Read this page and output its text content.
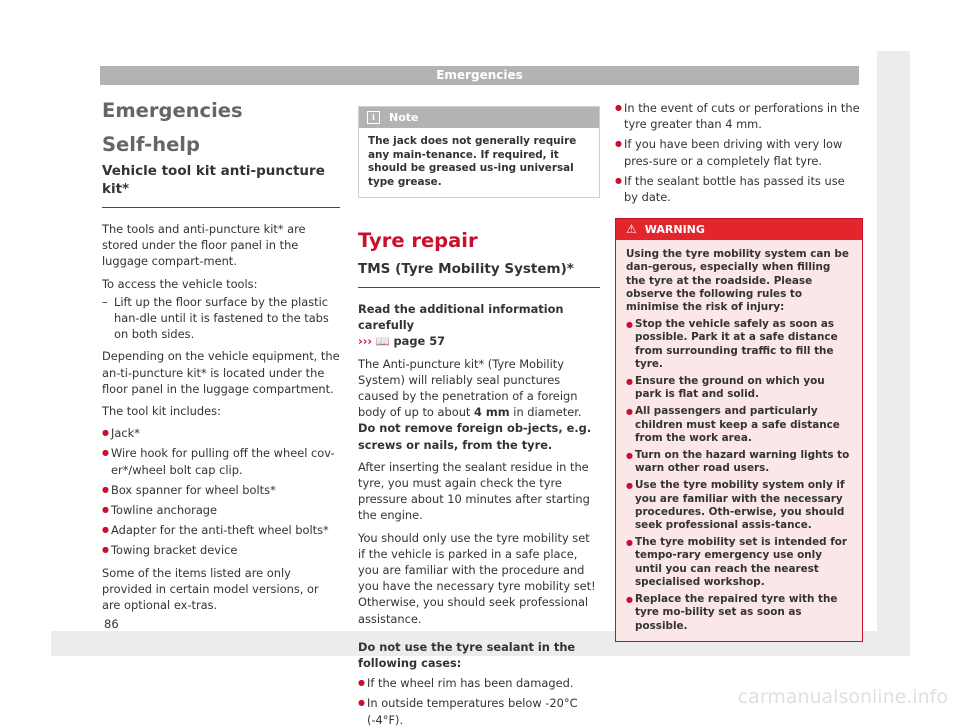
Emergencies
Emergencies
Self-help
Vehicle tool kit anti-puncture kit*

The tools and anti-puncture kit* are stored under the floor panel in the luggage compart-ment.

To access the vehicle tools:

– Lift up the floor surface by the plastic han-dle until it is fastened to the tabs on both sides.

Depending on the vehicle equipment, the an-ti-puncture kit* is located under the floor panel in the luggage compartment.

The tool kit includes:

● Jack*

● Wire hook for pulling off the wheel cov-er*/wheel bolt cap clip.

● Box spanner for wheel bolts*

● Towline anchorage

● Adapter for the anti-theft wheel bolts*

● Towing bracket device

Some of the items listed are only provided in certain model versions, or are optional ex-tras.

i Note
The jack does not generally require any main-tenance. If required, it should be greased us-ing universal type grease.
Tyre repair
TMS (Tyre Mobility System)*

Read the additional information carefully

››› 📖 page 57

The Anti-puncture kit* (Tyre Mobility System) will reliably seal punctures caused by the penetration of a foreign body of up to about 4 mm in diameter. Do not remove foreign ob-jects, e.g. screws or nails, from the tyre.

After inserting the sealant residue in the tyre, you must again check the tyre pressure about 10 minutes after starting the engine.

You should only use the tyre mobility set if the vehicle is parked in a safe place, you are familiar with the procedure and you have the necessary tyre mobility set! Otherwise, you should seek professional assistance.

Do not use the tyre sealant in the following cases:

● If the wheel rim has been damaged.

● In outside temperatures below -20°C (-4°F).

● In the event of cuts or perforations in the tyre greater than 4 mm.

● If you have been driving with very low pres-sure or a completely flat tyre.

● If the sealant bottle has passed its use by date.

⚠ WARNING

Using the tyre mobility system can be dan-gerous, especially when filling the tyre at the roadside. Please observe the following rules to minimise the risk of injury:

● Stop the vehicle safely as soon as possible. Park it at a safe distance from surrounding traffic to fill the tyre.

● Ensure the ground on which you park is flat and solid.

● All passengers and particularly children must keep a safe distance from the work area.

● Turn on the hazard warning lights to warn other road users.

● Use the tyre mobility system only if you are familiar with the necessary procedures. Oth-erwise, you should seek professional assis-tance.

● The tyre mobility set is intended for tempo-rary emergency use only until you can reach the nearest specialised workshop.

● Replace the repaired tyre with the tyre mo-bility set as soon as possible.

86
carmanualsonline.info
